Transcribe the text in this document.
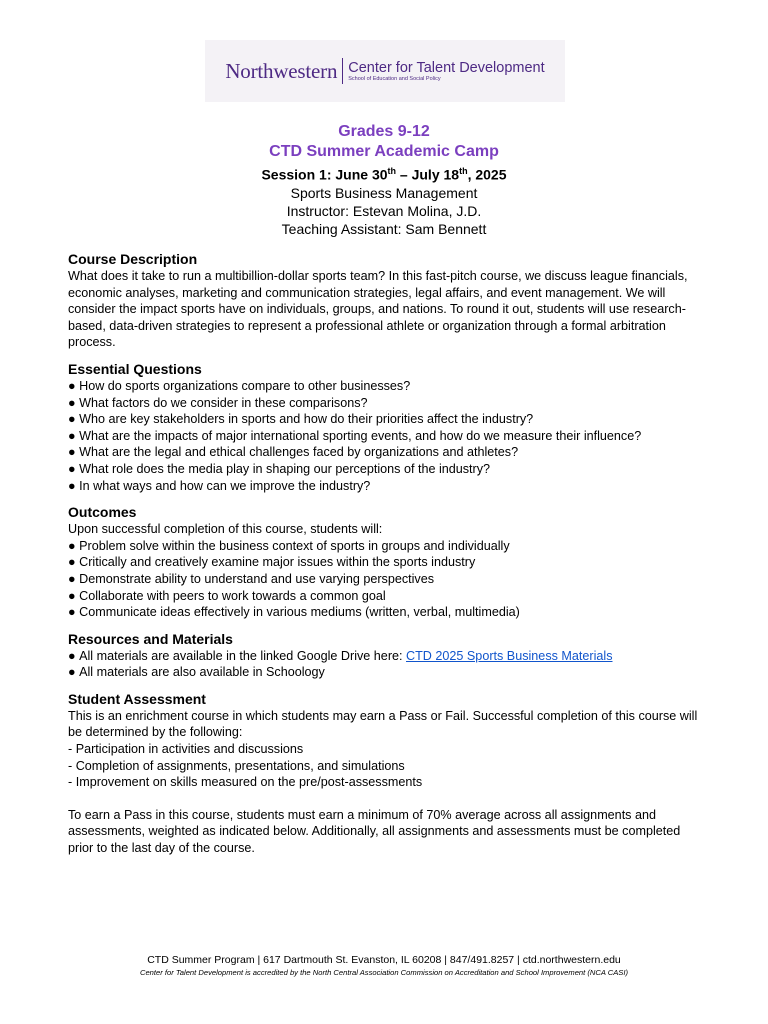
Northwestern Center for Talent Development
School of Education and Social Policy
Grades 9-12
CTD Summer Academic Camp
Session 1: June 30th – July 18th, 2025
Sports Business Management
Instructor: Estevan Molina, J.D.
Teaching Assistant: Sam Bennett
Course Description

What does it take to run a multibillion-dollar sports team? In this fast-pitch course, we discuss league financials, economic analyses, marketing and communication strategies, legal affairs, and event management. We will consider the impact sports have on individuals, groups, and nations. To round it out, students will use research-based, data-driven strategies to represent a professional athlete or organization through a formal arbitration process.

Essential Questions
● How do sports organizations compare to other businesses?
● What factors do we consider in these comparisons?
● Who are key stakeholders in sports and how do their priorities affect the industry?
● What are the impacts of major international sporting events, and how do we measure their influence?
● What are the legal and ethical challenges faced by organizations and athletes?
● What role does the media play in shaping our perceptions of the industry?
● In what ways and how can we improve the industry?
Outcomes

Upon successful completion of this course, students will:

● Problem solve within the business context of sports in groups and individually
● Critically and creatively examine major issues within the sports industry
● Demonstrate ability to understand and use varying perspectives
● Collaborate with peers to work towards a common goal
● Communicate ideas effectively in various mediums (written, verbal, multimedia)
Resources and Materials
● All materials are available in the linked Google Drive here: CTD 2025 Sports Business Materials
● All materials are also available in Schoology
Student Assessment

This is an enrichment course in which students may earn a Pass or Fail. Successful completion of this course will be determined by the following:

- Participation in activities and discussions
- Completion of assignments, presentations, and simulations
- Improvement on skills measured on the pre/post-assessments

To earn a Pass in this course, students must earn a minimum of 70% average across all assignments and assessments, weighted as indicated below. Additionally, all assignments and assessments must be completed prior to the last day of the course.

CTD Summer Program | 617 Dartmouth St. Evanston, IL 60208 | 847/491.8257 | ctd.northwestern.edu
Center for Talent Development is accredited by the North Central Association Commission on Accreditation and School Improvement (NCA CASI)
